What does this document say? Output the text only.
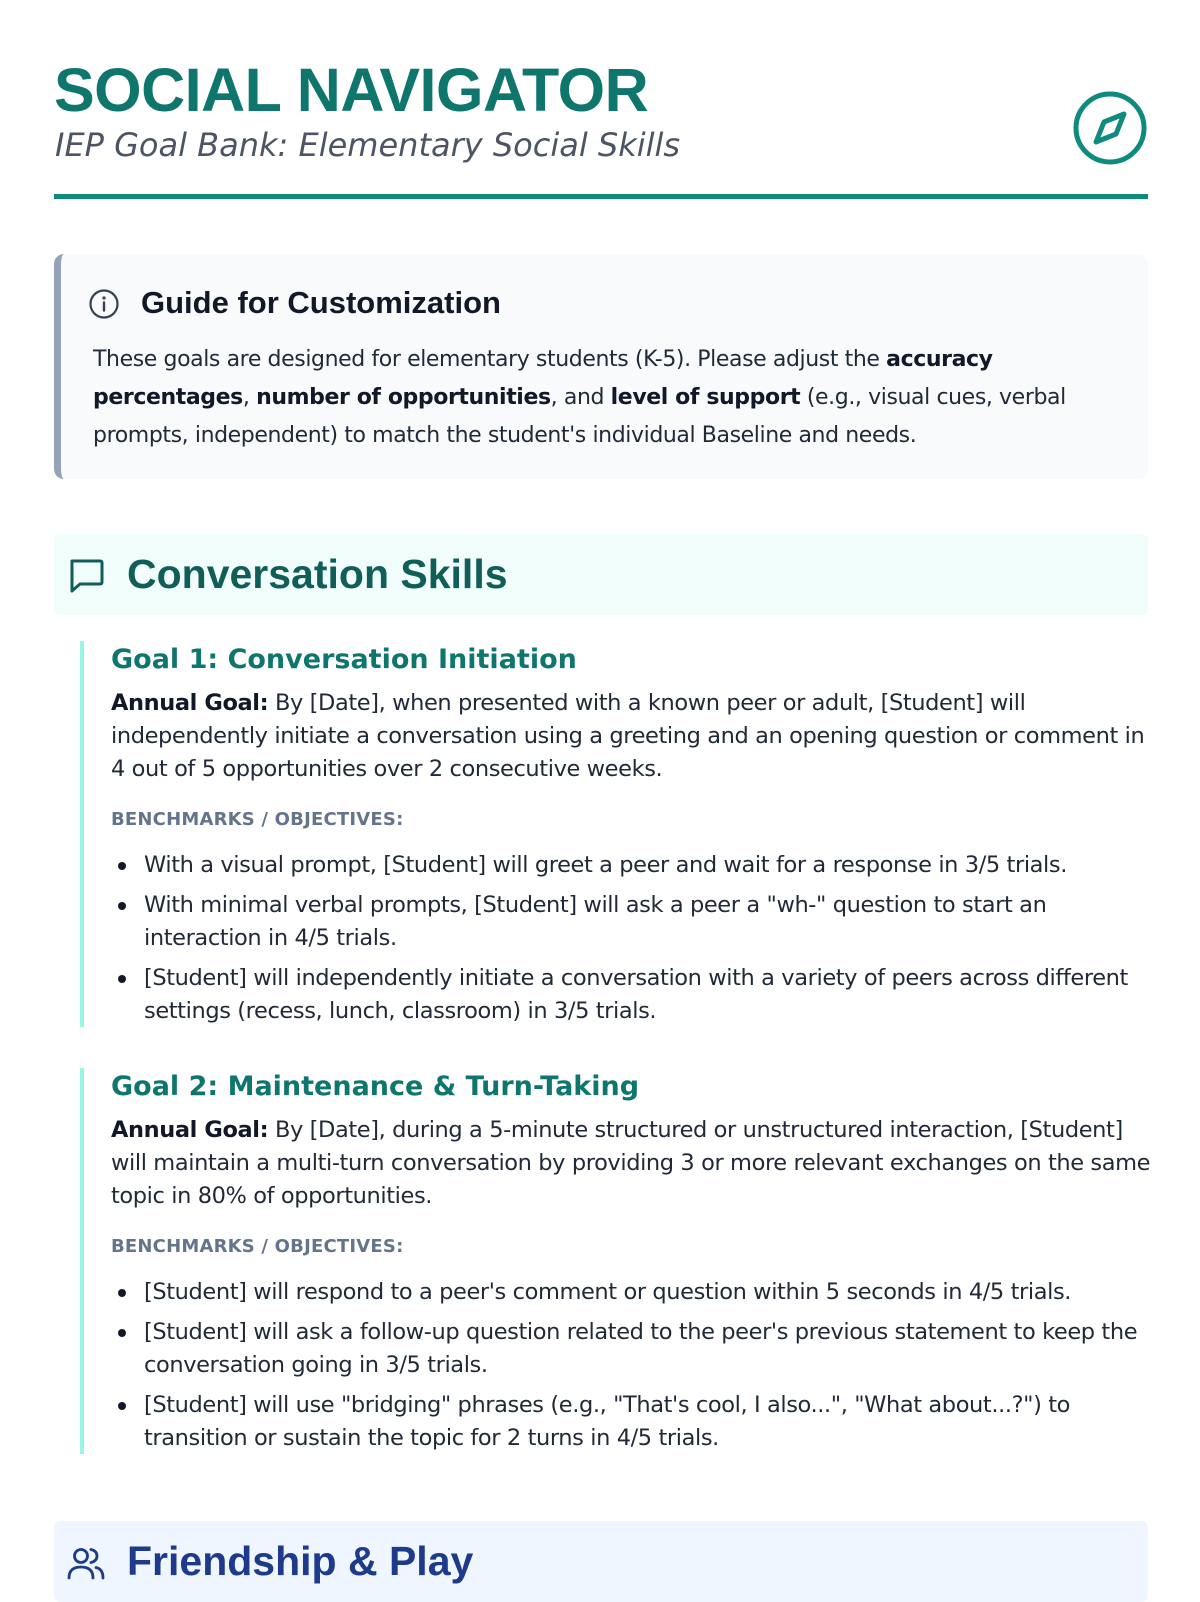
SOCIAL NAVIGATOR
IEP Goal Bank: Elementary Social Skills
Guide for Customization
These goals are designed for elementary students (K-5). Please adjust the accuracy percentages, number of opportunities, and level of support (e.g., visual cues, verbal prompts, independent) to match the student's individual Baseline and needs.
Conversation Skills
Goal 1: Conversation Initiation
Annual Goal: By [Date], when presented with a known peer or adult, [Student] will independently initiate a conversation using a greeting and an opening question or comment in 4 out of 5 opportunities over 2 consecutive weeks.
BENCHMARKS / OBJECTIVES:
With a visual prompt, [Student] will greet a peer and wait for a response in 3/5 trials.
With minimal verbal prompts, [Student] will ask a peer a "wh-" question to start an interaction in 4/5 trials.
[Student] will independently initiate a conversation with a variety of peers across different settings (recess, lunch, classroom) in 3/5 trials.
Goal 2: Maintenance & Turn-Taking
Annual Goal: By [Date], during a 5-minute structured or unstructured interaction, [Student] will maintain a multi-turn conversation by providing 3 or more relevant exchanges on the same topic in 80% of opportunities.
BENCHMARKS / OBJECTIVES:
[Student] will respond to a peer's comment or question within 5 seconds in 4/5 trials.
[Student] will ask a follow-up question related to the peer's previous statement to keep the conversation going in 3/5 trials.
[Student] will use "bridging" phrases (e.g., "That's cool, I also...", "What about...?") to transition or sustain the topic for 2 turns in 4/5 trials.
Friendship & Play
